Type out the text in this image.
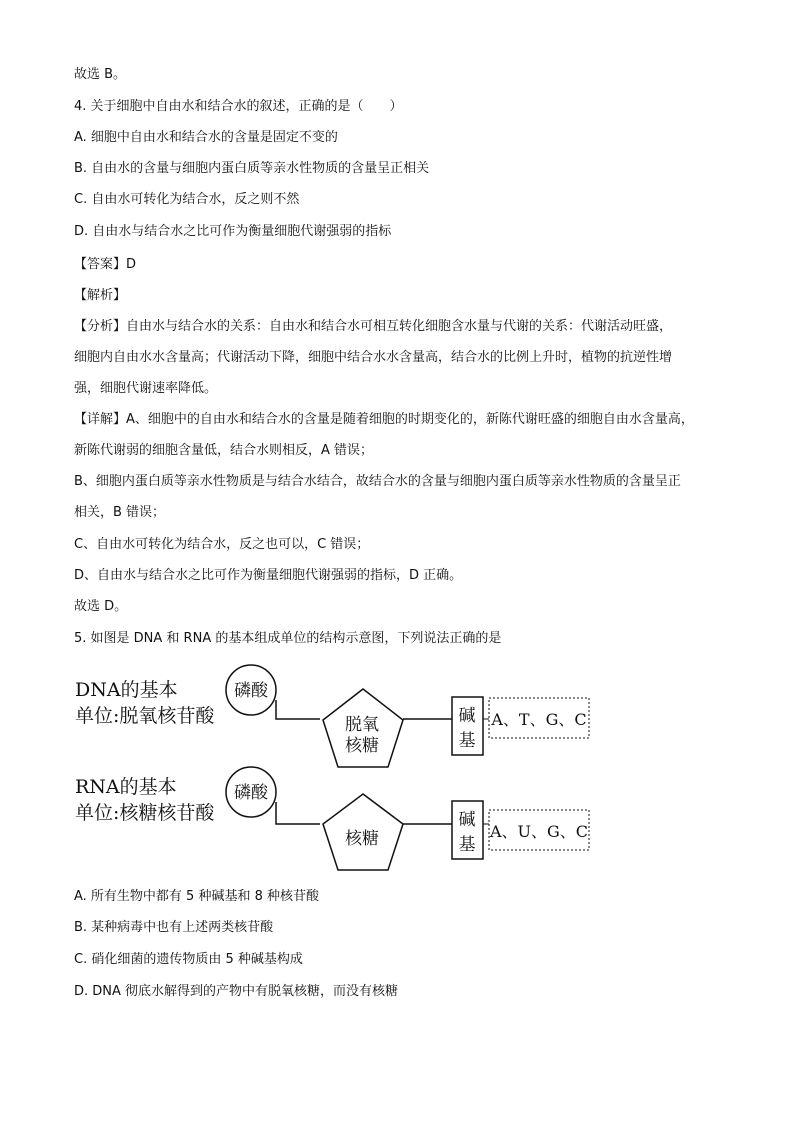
故选 B。
4. 关于细胞中自由水和结合水的叙述，正确的是（　　）
A. 细胞中自由水和结合水的含量是固定不变的
B. 自由水的含量与细胞内蛋白质等亲水性物质的含量呈正相关
C. 自由水可转化为结合水，反之则不然
D. 自由水与结合水之比可作为衡量细胞代谢强弱的指标
【答案】D
【解析】
【分析】自由水与结合水的关系：自由水和结合水可相互转化细胞含水量与代谢的关系：代谢活动旺盛，
细胞内自由水水含量高；代谢活动下降，细胞中结合水水含量高，结合水的比例上升时，植物的抗逆性增
强，细胞代谢速率降低。
【详解】A、细胞中的自由水和结合水的含量是随着细胞的时期变化的，新陈代谢旺盛的细胞自由水含量高，
新陈代谢弱的细胞含量低，结合水则相反，A 错误；
B、细胞内蛋白质等亲水性物质是与结合水结合，故结合水的含量与细胞内蛋白质等亲水性物质的含量呈正
相关，B 错误；
C、自由水可转化为结合水，反之也可以，C 错误；
D、自由水与结合水之比可作为衡量细胞代谢强弱的指标，D 正确。
故选 D。
5. 如图是 DNA 和 RNA 的基本组成单位的结构示意图，下列说法正确的是
DNA的基本
单位:脱氧核苷酸
磷酸
脱氧
核糖
碱
基
A、T、G、C
RNA的基本
单位:核糖核苷酸
磷酸
核糖
碱
基
A、U、G、C
A. 所有生物中都有 5 种碱基和 8 种核苷酸
B. 某种病毒中也有上述两类核苷酸
C. 硝化细菌的遗传物质由 5 种碱基构成
D. DNA 彻底水解得到的产物中有脱氧核糖，而没有核糖
